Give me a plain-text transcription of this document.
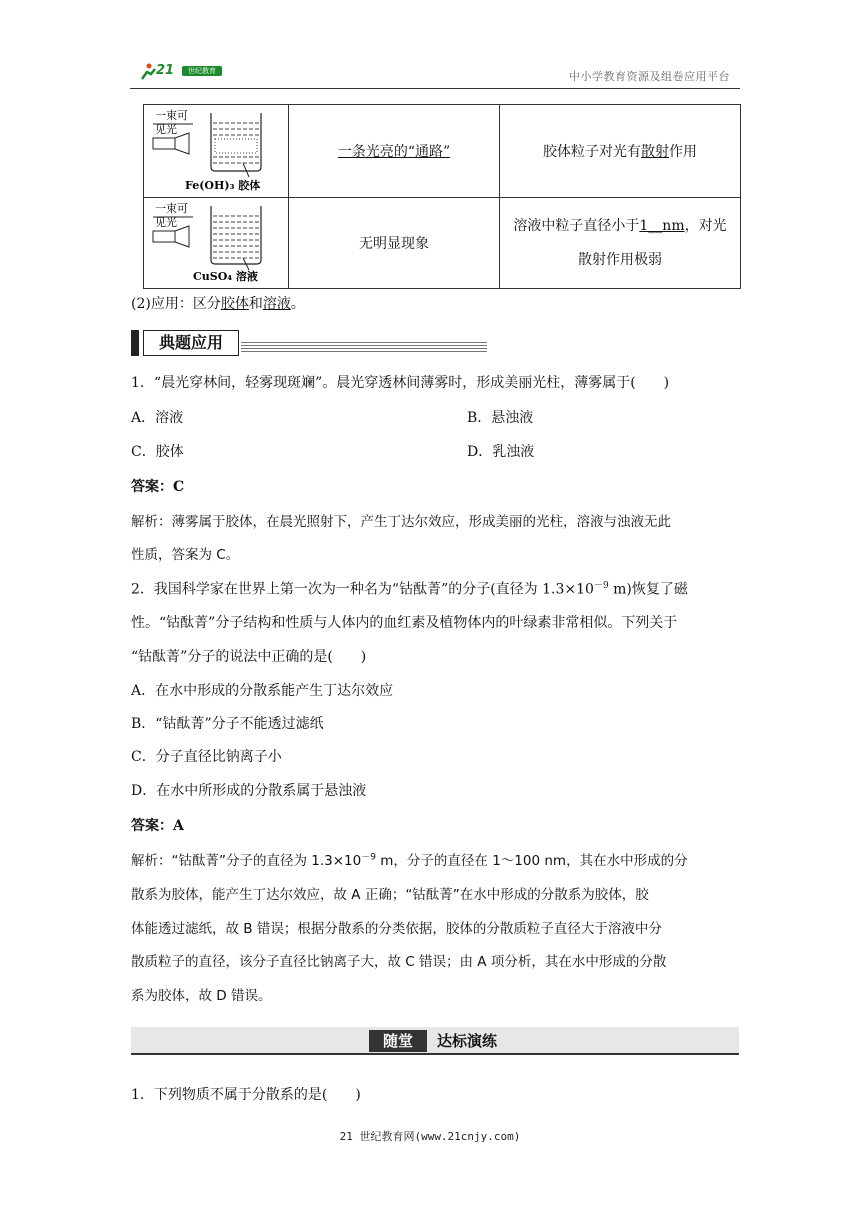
21	世纪教育	中小学教育资源及组卷应用平台
一束可
见光
Fe(OH)₃ 胶体	一条光亮的“通路”	胶体粒子对光有散射作用

一束可
见光
CuSO₄ 溶液	无明显现象	溶液中粒子直径小于1__nm，对光
散射作用极弱
(2)应用：区分胶体和溶液。
典题应用
1．“晨光穿林间，轻雾现斑斓”。晨光穿透林间薄雾时，形成美丽光柱，薄雾属于(　　)
A．溶液	B．悬浊液
C．胶体	D．乳浊液
答案：C
解析：薄雾属于胶体，在晨光照射下，产生丁达尔效应，形成美丽的光柱，溶液与浊液无此
性质，答案为 C。
2．我国科学家在世界上第一次为一种名为“钴酞菁”的分子(直径为 $1.3\times 10^{-9}$ m)恢复了磁
性。“钴酞菁”分子结构和性质与人体内的血红素及植物体内的叶绿素非常相似。下列关于
“钴酞菁”分子的说法中正确的是(　　)
A．在水中形成的分散系能产生丁达尔效应
B．“钴酞菁”分子不能透过滤纸
C．分子直径比钠离子小
D．在水中所形成的分散系属于悬浊液
答案：A
解析：“钴酞菁”分子的直径为 $1.3\times 10^{-9}$ m，分子的直径在 1～100 nm，其在水中形成的分
散系为胶体，能产生丁达尔效应，故 A 正确；“钴酞菁”在水中形成的分散系为胶体，胶
体能透过滤纸，故 B 错误；根据分散系的分类依据，胶体的分散质粒子直径大于溶液中分
散质粒子的直径，该分子直径比钠离子大，故 C 错误；由 A 项分析，其在水中形成的分散
系为胶体，故 D 错误。
随堂	达标演练
1．下列物质不属于分散系的是(　　)
21 世纪教育网(www.21cnjy.com)
